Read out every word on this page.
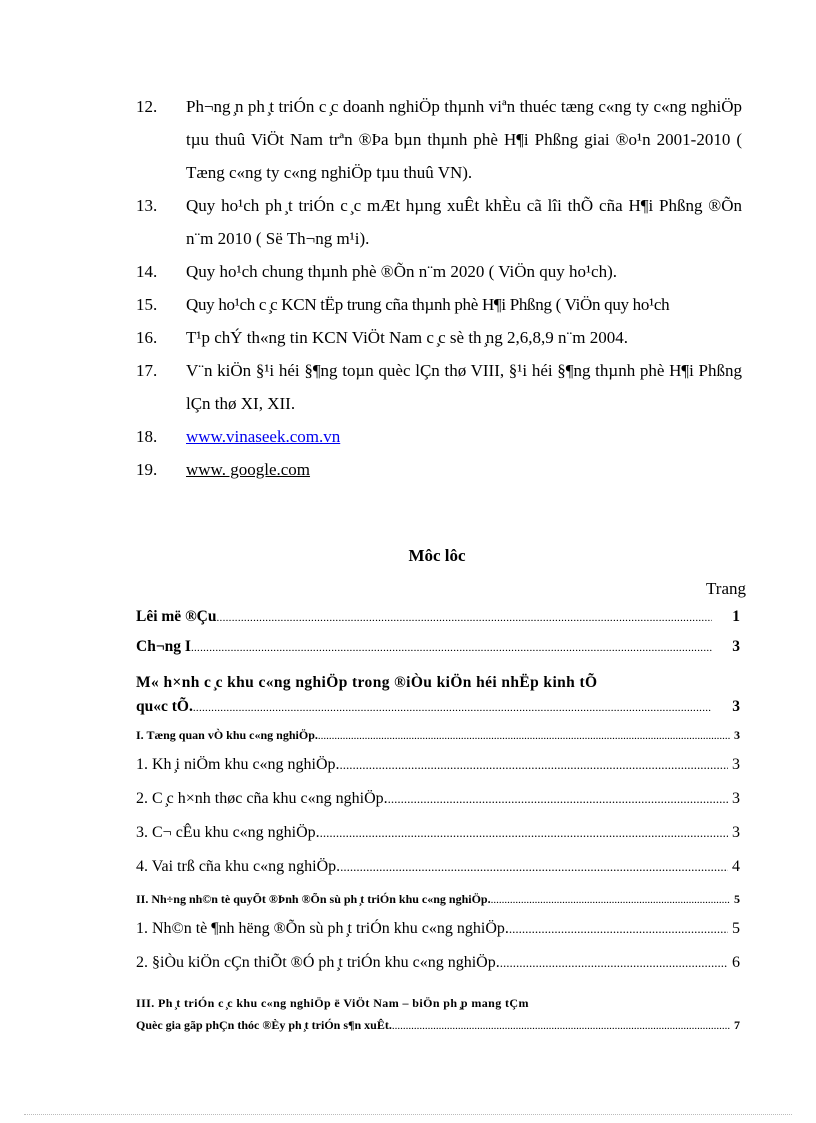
12.	Ph¬ng ̧n ph ̧t triÓn c ̧c doanh nghiÖp thµnh viªn thuéc tæng c«ng ty c«ng nghiÖp tµu thuû ViÖt Nam trªn ®Þa bµn thµnh phè H¶i Phßng giai ®o¹n 2001-2010 ( Tæng c«ng ty c«ng nghiÖp tµu thuû VN).
13.	Quy ho¹ch ph ̧t triÓn c ̧c mÆt hµng xuÊt khÈu cã lîi thÕ cña H¶i Phßng ®Õn n¨m 2010 ( Së Th¬ng m¹i).
14.	Quy ho¹ch chung thµnh phè ®Õn n¨m 2020 ( ViÖn quy ho¹ch).
15.	Quy ho¹ch c ̧c KCN tËp trung cña thµnh phè H¶i Phßng ( ViÖn quy ho¹ch
16.	T¹p chÝ th«ng tin KCN ViÖt Nam c ̧c sè th ̧ng 2,6,8,9 n¨m 2004.
17.	V¨n kiÖn §¹i héi §¶ng toµn quèc lÇn thø VIII, §¹i héi §¶ng thµnh phè H¶i Phßng lÇn thø XI, XII.
18.	www.vinaseek.com.vn
19.	www. google.com
Môc lôc
Trang
Lêi më ®Çu .....	1
Ch¬ng I .....	3
M« h×nh c ̧c khu c«ng nghiÖp trong ®iÒu kiÖn héi nhËp kinh tÕ
qu«c tÕ. .....	3
I. Tæng quan vÒ khu c«ng nghiÖp. .....	3
1. Kh ̧i niÖm khu c«ng nghiÖp. .....	3
2. C ̧c h×nh thøc cña khu c«ng nghiÖp. .....	3
3. C¬ cÊu khu c«ng nghiÖp. .....	3
4. Vai trß cña khu c«ng nghiÖp. .....	4
II. Nh÷ng nh©n tè quyÕt ®Þnh ®Õn sù ph ̧t triÓn khu c«ng nghiÖp. .....	5
1. Nh©n tè ¶nh hëng ®Õn sù ph ̧t triÓn khu c«ng nghiÖp. .....	5
2. §iÒu kiÖn cÇn thiÕt ®Ó ph ̧t triÓn khu c«ng nghiÖp. .....	6
III. Ph ̧t triÓn c ̧c khu c«ng nghiÖp ë ViÖt Nam – biÖn ph ̧p mang tÇm
Quèc gia gãp phÇn thóc ®Èy ph ̧t triÓn s¶n xuÊt. .....	7
